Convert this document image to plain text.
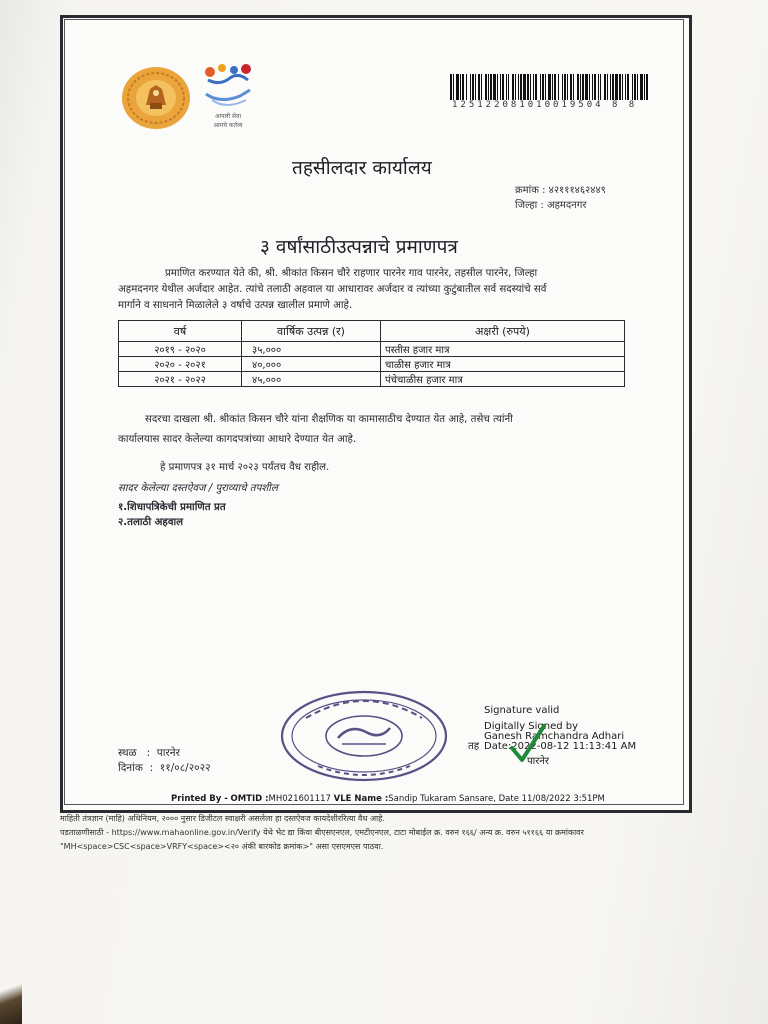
आपली सेवा
आमचे कर्तव्य
125122081010019504 8 8
तहसीलदार कार्यालय
क्रमांक : ४२१११४६२४४९
जिल्हा : अहमदनगर
३ वर्षांसाठीउत्पन्नाचे प्रमाणपत्र
प्रमाणित करण्यात येते की, श्री. श्रीकांत किसन चौरे राहणार पारनेर गाव पारनेर, तहसील पारनेर, जिल्हा
अहमदनगर येथील अर्जदार आहेत. त्यांचे तलाठी अहवाल या आधारावर अर्जदार व त्यांच्या कुटुंबातील सर्व सदस्यांचे सर्व
मार्गाने व साधनाने मिळालेले ३ वर्षाचे उत्पन्न खालील प्रमाणे आहे.
वर्ष	वार्षिक उत्पन्न (र)	अक्षरी (रुपये)
२०१९ - २०२०	३५,०००	पस्तीस हजार मात्र
२०२० - २०२१	४०,०००	चाळीस हजार मात्र
२०२१ - २०२२	४५,०००	पंचेचाळीस हजार मात्र
सदरचा दाखला श्री. श्रीकांत किसन चौरे यांना शैक्षणिक या कामासाठीच देण्यात येत आहे, तसेच त्यांनी
कार्यालयास सादर केलेल्या कागदपत्रांच्या आधारे देण्यात येत आहे.
हे प्रमाणपत्र ३१ मार्च २०२३ पर्यंतच वैध राहील.
सादर केलेल्या दस्तऐवज / पुराव्याचे तपशील
१.शिधापत्रिकेची प्रमाणित प्रत
२.तलाठी अहवाल
Signature valid
Digitally Signed by
Ganesh Ramchandra Adhari
Date:2022-08-12 11:13:41 AM
तह
पारनेर
स्थळ   :  पारनेर
दिनांक  :  ११/०८/२०२२
Printed By - OMTID :MH021601117 VLE Name :Sandip Tukaram Sansare, Date 11/08/2022 3:51PM
माहिती तंत्रज्ञान (माहि) अधिनियम, २००० नुसार डिजीटल स्वाक्षरी असलेला हा दस्तऐवज कायदेशीररित्या वैध आहे.
पडताळणीसाठी - https://www.mahaonline.gov.in/Verify येथे भेट द्या किंवा बीएसएनएल, एमटीएनएल, टाटा मोबाईल क्र. वरुन १६६/ अन्य क्र. वरुन ५११६६ या क्रमांकावर
"MH<space>CSC<space>VRFY<space><२० अंकी बारकोड क्रमांक>" असा एसएमएस पाठवा.
